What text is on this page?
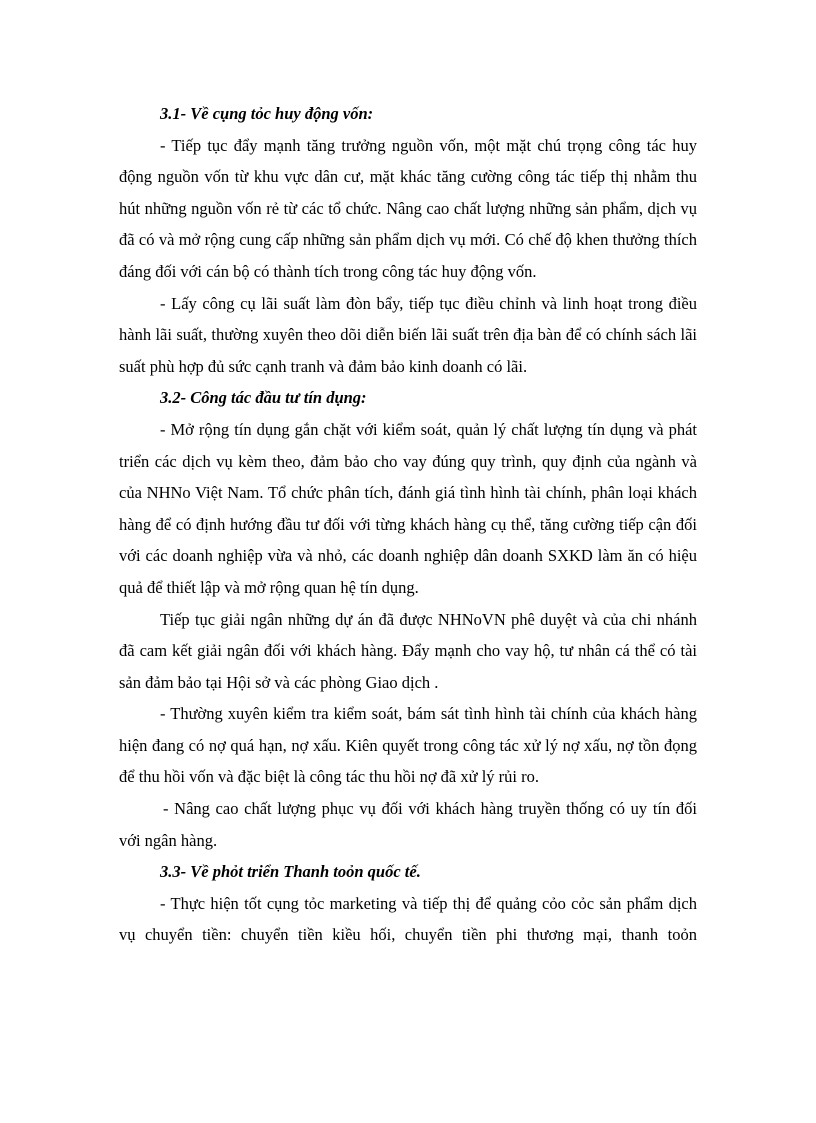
3.1- Về cụng tỏc huy động vốn:

- Tiếp tục đẩy mạnh tăng trưởng nguồn vốn, một mặt chú trọng công tác huy động nguồn vốn từ khu vực dân cư, mặt khác tăng cường công tác tiếp thị nhằm thu hút những nguồn vốn rẻ từ các tổ chức. Nâng cao chất lượng những sản phẩm, dịch vụ đã có và mở rộng cung cấp những sản phẩm dịch vụ mới. Có chế độ khen thưởng thích đáng đối với cán bộ có thành tích trong công tác huy động vốn.

- Lấy công cụ lãi suất làm đòn bẩy, tiếp tục điều chỉnh và linh hoạt trong điều hành lãi suất, thường xuyên theo dõi diễn biến lãi suất trên địa bàn để có chính sách lãi suất phù hợp đủ sức cạnh tranh và đảm bảo kinh doanh có lãi.

3.2- Công tác đầu tư tín dụng:

- Mở rộng tín dụng gắn chặt với kiểm soát, quản lý chất lượng tín dụng và phát triển các dịch vụ kèm theo, đảm bảo cho vay đúng quy trình, quy định của ngành và của NHNo Việt Nam. Tổ chức phân tích, đánh giá tình hình tài chính, phân loại khách hàng để có định hướng đầu tư đối với từng khách hàng cụ thể, tăng cường tiếp cận đối với các doanh nghiệp vừa và nhỏ, các doanh nghiệp dân doanh SXKD làm ăn có hiệu quả để thiết lập và mở rộng quan hệ tín dụng.

Tiếp tục giải ngân những dự án đã được NHNoVN phê duyệt và của chi nhánh đã cam kết giải ngân đối với khách hàng. Đẩy mạnh cho vay hộ, tư nhân cá thể có tài sản đảm bảo tại Hội sở và các phòng Giao dịch .

- Thường xuyên kiểm tra kiểm soát, bám sát tình hình tài chính của khách hàng hiện đang có nợ quá hạn, nợ xấu. Kiên quyết trong công tác xử lý nợ xấu, nợ tồn đọng để thu hồi vốn và đặc biệt là công tác thu hồi nợ đã xử lý rủi ro.

- Nâng cao chất lượng phục vụ đối với khách hàng truyền thống có uy tín đối với ngân hàng.

3.3- Về phỏt triển Thanh toỏn quốc tế.

- Thực hiện tốt cụng tỏc marketing và tiếp thị để quảng cỏo cỏc sản phẩm dịch vụ chuyển tiền: chuyển tiền kiều hối, chuyển tiền phi thương mại, thanh toỏn
